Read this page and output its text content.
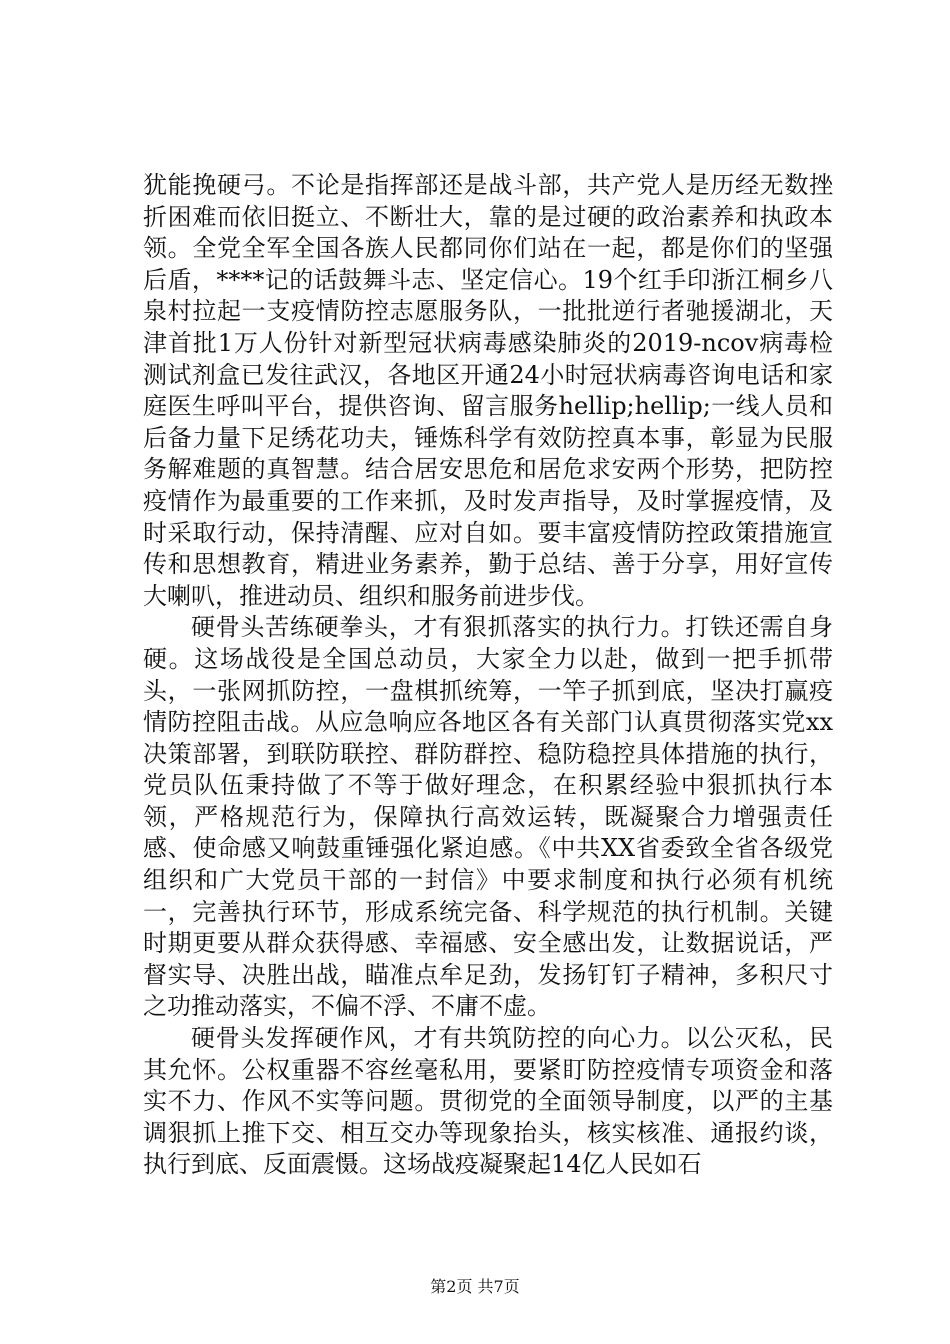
犹能挽硬弓。不论是指挥部还是战斗部，共产党人是历经无数挫折困难而依旧挺立、不断壮大，靠的是过硬的政治素养和执政本领。全党全军全国各族人民都同你们站在一起，都是你们的坚强后盾，****记的话鼓舞斗志、坚定信心。19个红手印浙江桐乡八泉村拉起一支疫情防控志愿服务队，一批批逆行者驰援湖北，天津首批1万人份针对新型冠状病毒感染肺炎的2019-ncov病毒检测试剂盒已发往武汉，各地区开通24小时冠状病毒咨询电话和家庭医生呼叫平台，提供咨询、留言服务hellip;hellip;一线人员和后备力量下足绣花功夫，锤炼科学有效防控真本事，彰显为民服务解难题的真智慧。结合居安思危和居危求安两个形势，把防控疫情作为最重要的工作来抓，及时发声指导，及时掌握疫情，及时采取行动，保持清醒、应对自如。要丰富疫情防控政策措施宣传和思想教育，精进业务素养，勤于总结、善于分享，用好宣传大喇叭，推进动员、组织和服务前进步伐。

硬骨头苦练硬拳头，才有狠抓落实的执行力。打铁还需自身硬。这场战役是全国总动员，大家全力以赴，做到一把手抓带头，一张网抓防控，一盘棋抓统筹，一竿子抓到底，坚决打赢疫情防控阻击战。从应急响应各地区各有关部门认真贯彻落实党xx决策部署，到联防联控、群防群控、稳防稳控具体措施的执行，党员队伍秉持做了不等于做好理念，在积累经验中狠抓执行本领，严格规范行为，保障执行高效运转，既凝聚合力增强责任感、使命感又响鼓重锤强化紧迫感。《中共XX省委致全省各级党组织和广大党员干部的一封信》中要求制度和执行必须有机统一，完善执行环节，形成系统完备、科学规范的执行机制。关键时期更要从群众获得感、幸福感、安全感出发，让数据说话，严督实导、决胜出战，瞄准点牟足劲，发扬钉钉子精神，多积尺寸之功推动落实，不偏不浮、不庸不虚。

硬骨头发挥硬作风，才有共筑防控的向心力。以公灭私，民其允怀。公权重器不容丝毫私用，要紧盯防控疫情专项资金和落实不力、作风不实等问题。贯彻党的全面领导制度，以严的主基调狠抓上推下交、相互交办等现象抬头，核实核准、通报约谈，执行到底、反面震慑。这场战疫凝聚起14亿人民如石

第2页 共7页
